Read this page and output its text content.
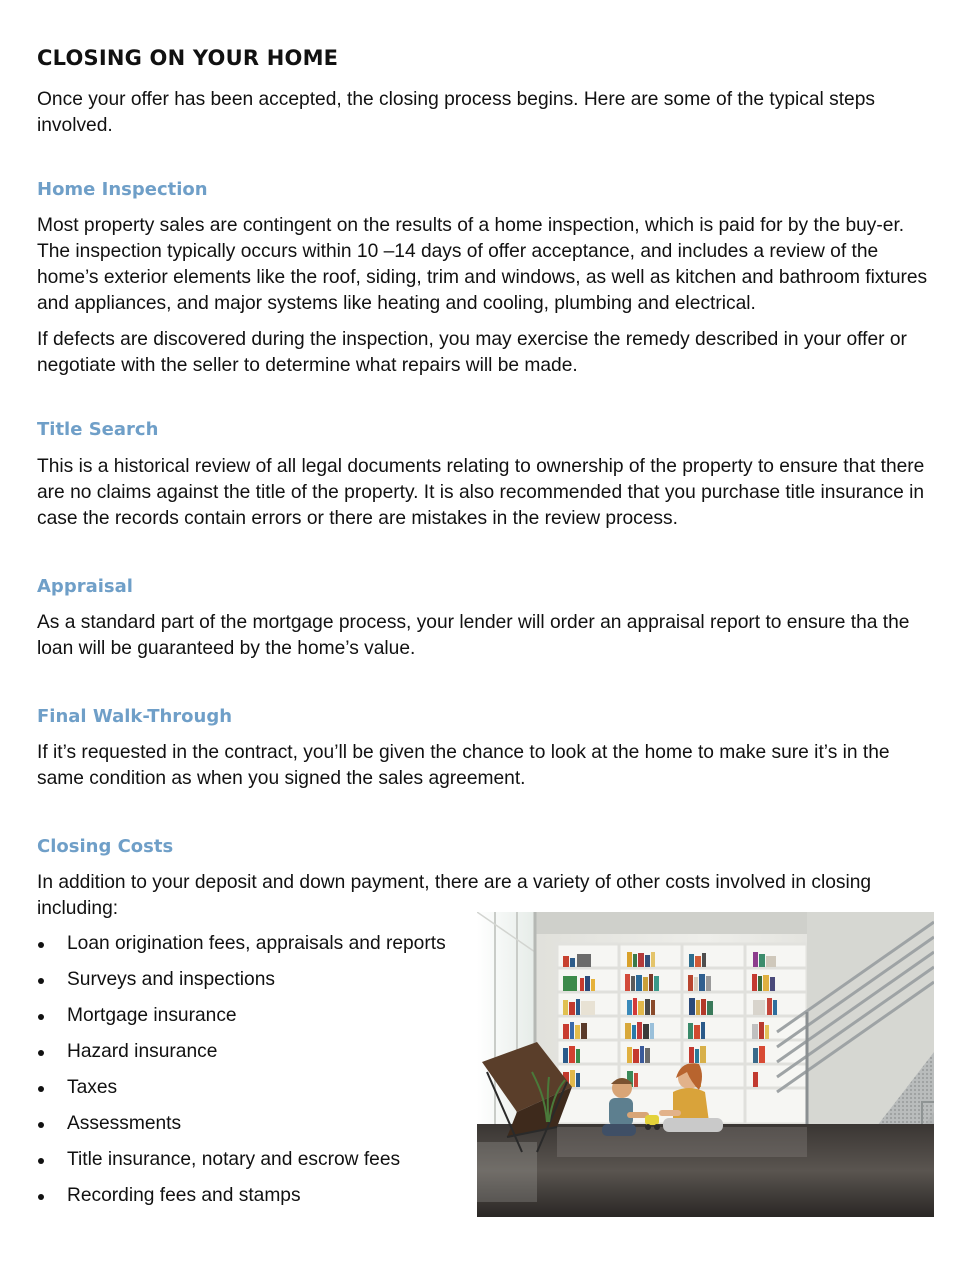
CLOSING ON YOUR HOME

Once your offer has been accepted, the closing process begins. Here are some of the typical steps involved.

Home Inspection

Most property sales are contingent on the results of a home inspection, which is paid for by the buy-er. The inspection typically occurs within 10 –14 days of offer acceptance, and includes a review of the home’s exterior elements like the roof, siding, trim and windows, as well as kitchen and bathroom fixtures and appliances, and major systems like heating and cooling, plumbing and electrical.

If defects are discovered during the inspection, you may exercise the remedy described in your offer or negotiate with the seller to determine what repairs will be made.

Title Search

This is a historical review of all legal documents relating to ownership of the property to ensure that there are no claims against the title of the property. It is also recommended that you purchase title insurance in case the records contain errors or there are mistakes in the review process.

Appraisal

As a standard part of the mortgage process, your lender will order an appraisal report to ensure tha the loan will be guaranteed by the home’s value.

Final Walk-Through

If it’s requested in the contract, you’ll be given the chance to look at the home to make sure it’s in the same condition as when you signed the sales agreement.

Closing Costs

In addition to your deposit and down payment, there are a variety of other costs involved in closing including:

Loan origination fees, appraisals and reports
Surveys and inspections
Mortgage insurance
Hazard insurance
Taxes
Assessments
Title insurance, notary and escrow fees
Recording fees and stamps
